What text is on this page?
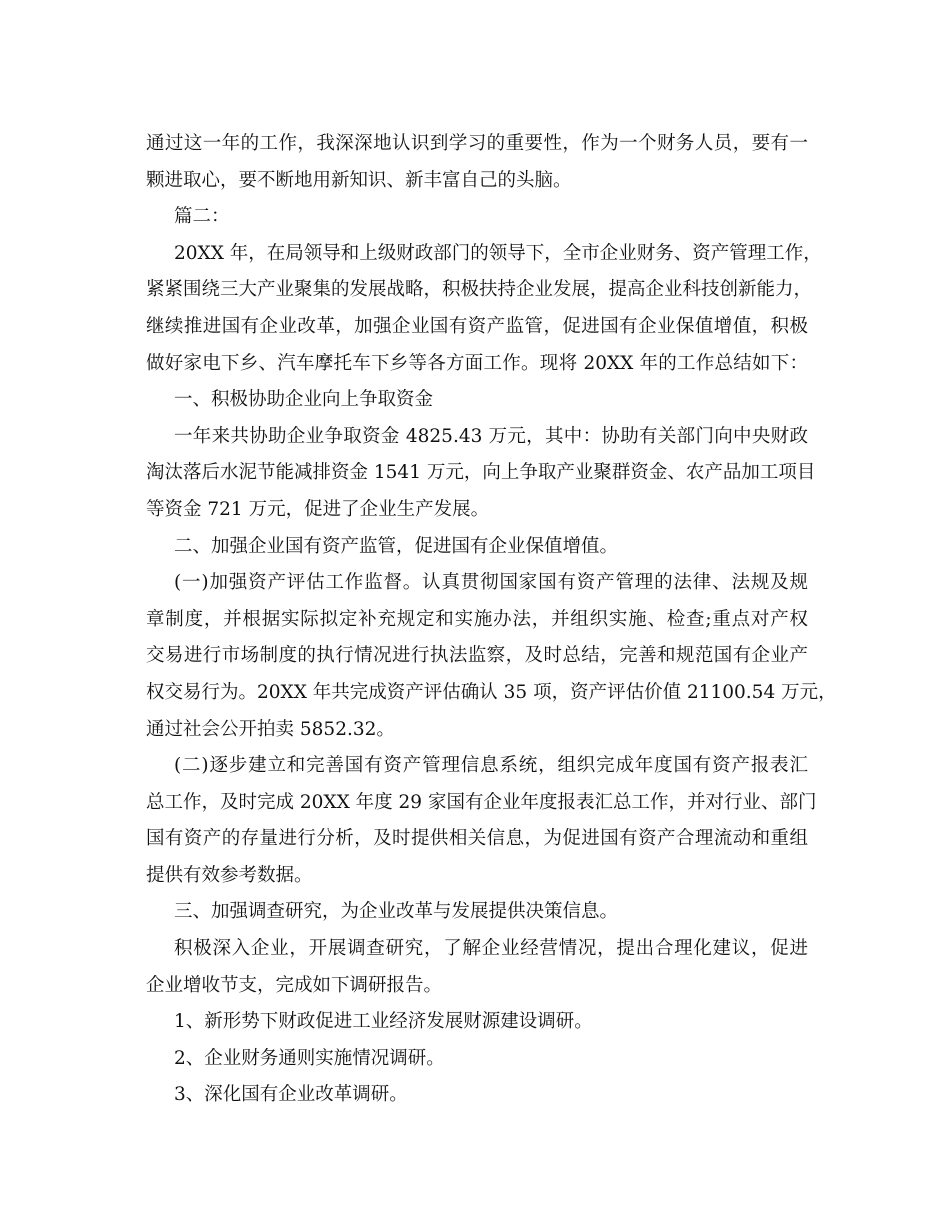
通过这一年的工作，我深深地认识到学习的重要性，作为一个财务人员，要有一
颗进取心，要不断地用新知识、新丰富自己的头脑。
篇二：
20XX 年，在局领导和上级财政部门的领导下，全市企业财务、资产管理工作，
紧紧围绕三大产业聚集的发展战略，积极扶持企业发展，提高企业科技创新能力，
继续推进国有企业改革，加强企业国有资产监管，促进国有企业保值增值，积极
做好家电下乡、汽车摩托车下乡等各方面工作。现将 20XX 年的工作总结如下：
一、积极协助企业向上争取资金
一年来共协助企业争取资金 4825.43 万元，其中：协助有关部门向中央财政
淘汰落后水泥节能减排资金 1541 万元，向上争取产业聚群资金、农产品加工项目
等资金 721 万元，促进了企业生产发展。
二、加强企业国有资产监管，促进国有企业保值增值。
(一)加强资产评估工作监督。认真贯彻国家国有资产管理的法律、法规及规
章制度，并根据实际拟定补充规定和实施办法，并组织实施、检查;重点对产权
交易进行市场制度的执行情况进行执法监察，及时总结，完善和规范国有企业产
权交易行为。20XX 年共完成资产评估确认 35 项，资产评估价值 21100.54 万元，
通过社会公开拍卖 5852.32。
(二)逐步建立和完善国有资产管理信息系统，组织完成年度国有资产报表汇
总工作，及时完成 20XX 年度 29 家国有企业年度报表汇总工作，并对行业、部门
国有资产的存量进行分析，及时提供相关信息，为促进国有资产合理流动和重组
提供有效参考数据。
三、加强调查研究，为企业改革与发展提供决策信息。
积极深入企业，开展调查研究，了解企业经营情况，提出合理化建议，促进
企业增收节支，完成如下调研报告。
1、新形势下财政促进工业经济发展财源建设调研。
2、企业财务通则实施情况调研。
3、深化国有企业改革调研。
